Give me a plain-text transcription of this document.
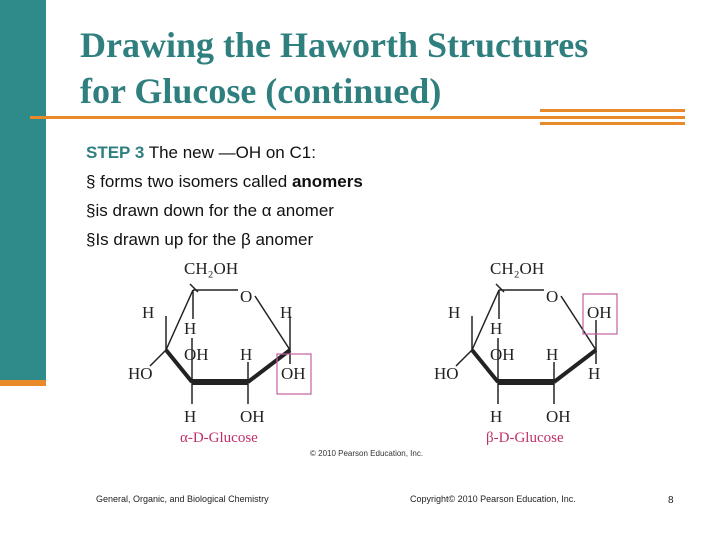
Drawing the Haworth Structures
for Glucose (continued)
STEP 3 The new —OH on C1:
§ forms two isomers called anomers
§is drawn down for the α anomer
§Is drawn up for the β anomer
CH₂OH
O
H
H
H
OH H
HO	OH
H	OH
α-D-Glucose
CH₂OH
O
H
H
OH
OH H
HO	H
H	OH
β-D-Glucose
© 2010 Pearson Education, Inc.
General, Organic, and Biological Chemistry	Copyright© 2010 Pearson Education, Inc.	8
